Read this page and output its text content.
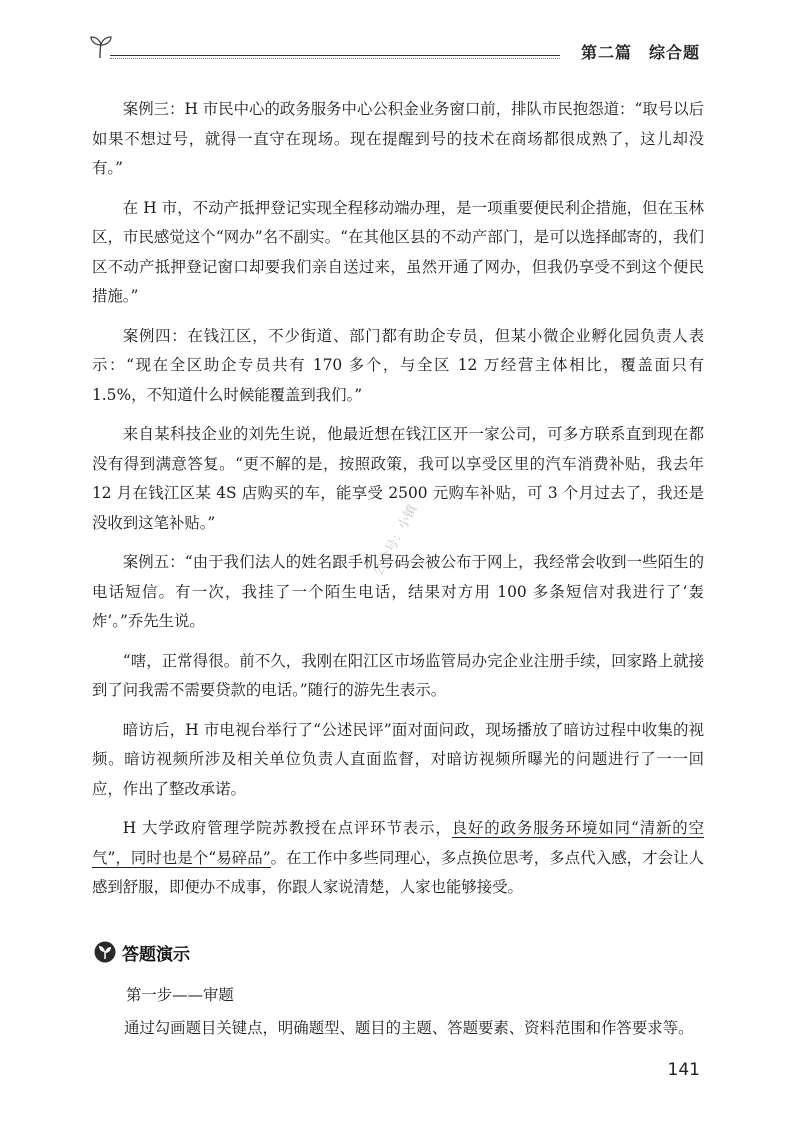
第二篇　综合题
公众号：小镇

案例三：H 市民中心的政务服务中心公积金业务窗口前，排队市民抱怨道：“取号以后如果不想过号，就得一直守在现场。现在提醒到号的技术在商场都很成熟了，这儿却没有。”

在 H 市，不动产抵押登记实现全程移动端办理，是一项重要便民利企措施，但在玉林区，市民感觉这个“网办”名不副实。“在其他区县的不动产部门，是可以选择邮寄的，我们区不动产抵押登记窗口却要我们亲自送过来，虽然开通了网办，但我仍享受不到这个便民措施。”

案例四：在钱江区，不少街道、部门都有助企专员，但某小微企业孵化园负责人表示：“现在全区助企专员共有 170 多个，与全区 12 万经营主体相比，覆盖面只有 1.5%，不知道什么时候能覆盖到我们。”

来自某科技企业的刘先生说，他最近想在钱江区开一家公司，可多方联系直到现在都没有得到满意答复。“更不解的是，按照政策，我可以享受区里的汽车消费补贴，我去年 12 月在钱江区某 4S 店购买的车，能享受 2500 元购车补贴，可 3 个月过去了，我还是没收到这笔补贴。”

案例五：“由于我们法人的姓名跟手机号码会被公布于网上，我经常会收到一些陌生的电话短信。有一次，我挂了一个陌生电话，结果对方用 100 多条短信对我进行了‘轰炸’。”乔先生说。

“嗐，正常得很。前不久，我刚在阳江区市场监管局办完企业注册手续，回家路上就接到了问我需不需要贷款的电话。”随行的游先生表示。

暗访后，H 市电视台举行了“公述民评”面对面问政，现场播放了暗访过程中收集的视频。暗访视频所涉及相关单位负责人直面监督，对暗访视频所曝光的问题进行了一一回应，作出了整改承诺。

H 大学政府管理学院苏教授在点评环节表示，良好的政务服务环境如同“清新的空气”，同时也是个“易碎品”。在工作中多些同理心，多点换位思考，多点代入感，才会让人感到舒服，即便办不成事，你跟人家说清楚，人家也能够接受。

答题演示
第一步——审题
通过勾画题目关键点，明确题型、题目的主题、答题要素、资料范围和作答要求等。
141
